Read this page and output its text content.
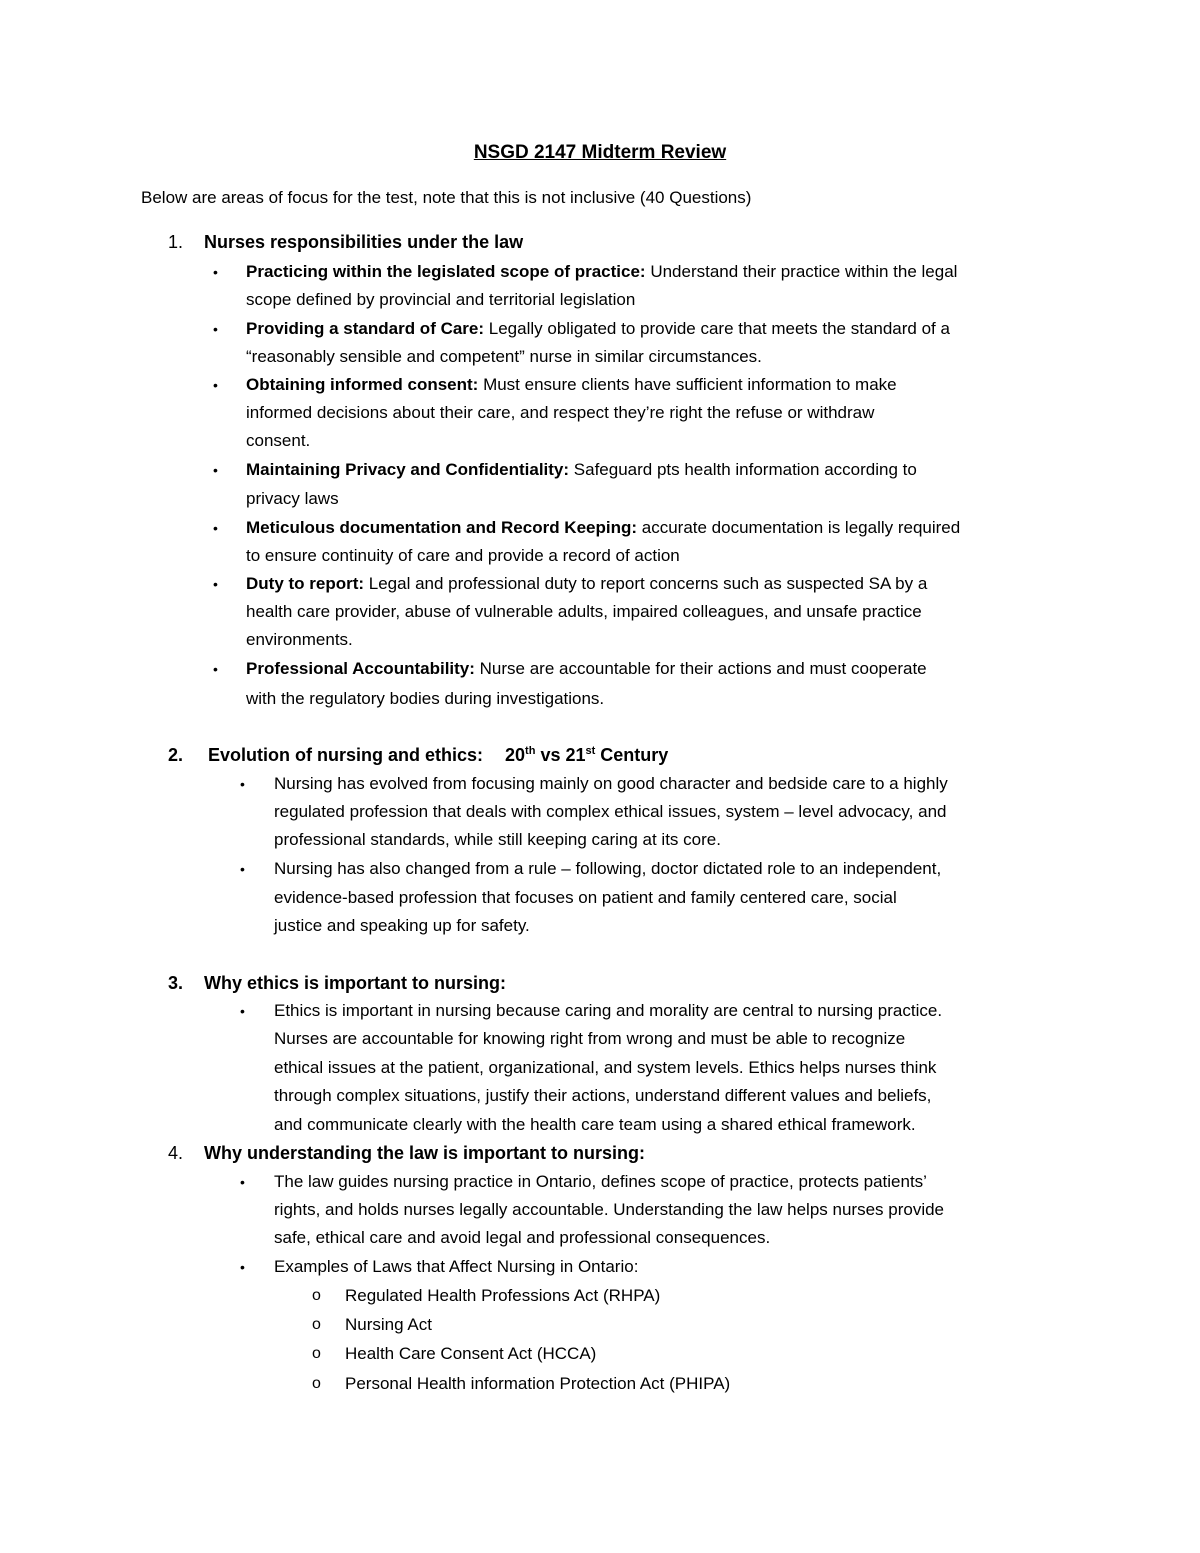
NSGD 2147 Midterm Review
Below are areas of focus for the test, note that this is not inclusive (40 Questions)
1. Nurses responsibilities under the law
• Practicing within the legislated scope of practice: Understand their practice within the legal
scope defined by provincial and territorial legislation
• Providing a standard of Care: Legally obligated to provide care that meets the standard of a
“reasonably sensible and competent” nurse in similar circumstances.
• Obtaining informed consent: Must ensure clients have sufficient information to make
informed decisions about their care, and respect they’re right the refuse or withdraw
consent.
• Maintaining Privacy and Confidentiality: Safeguard pts health information according to
privacy laws
• Meticulous documentation and Record Keeping: accurate documentation is legally required
to ensure continuity of care and provide a record of action
• Duty to report: Legal and professional duty to report concerns such as suspected SA by a
health care provider, abuse of vulnerable adults, impaired colleagues, and unsafe practice
environments.
• Professional Accountability: Nurse are accountable for their actions and must cooperate
with the regulatory bodies during investigations.
2. Evolution of nursing and ethics: 20th vs 21st Century
• Nursing has evolved from focusing mainly on good character and bedside care to a highly
regulated profession that deals with complex ethical issues, system – level advocacy, and
professional standards, while still keeping caring at its core.
• Nursing has also changed from a rule – following, doctor dictated role to an independent,
evidence-based profession that focuses on patient and family centered care, social
justice and speaking up for safety.
3. Why ethics is important to nursing:
• Ethics is important in nursing because caring and morality are central to nursing practice.
Nurses are accountable for knowing right from wrong and must be able to recognize
ethical issues at the patient, organizational, and system levels. Ethics helps nurses think
through complex situations, justify their actions, understand different values and beliefs,
and communicate clearly with the health care team using a shared ethical framework.
4. Why understanding the law is important to nursing:
• The law guides nursing practice in Ontario, defines scope of practice, protects patients’
rights, and holds nurses legally accountable. Understanding the law helps nurses provide
safe, ethical care and avoid legal and professional consequences.
• Examples of Laws that Affect Nursing in Ontario:
o Regulated Health Professions Act (RHPA)
o Nursing Act
o Health Care Consent Act (HCCA)
o Personal Health information Protection Act (PHIPA)
